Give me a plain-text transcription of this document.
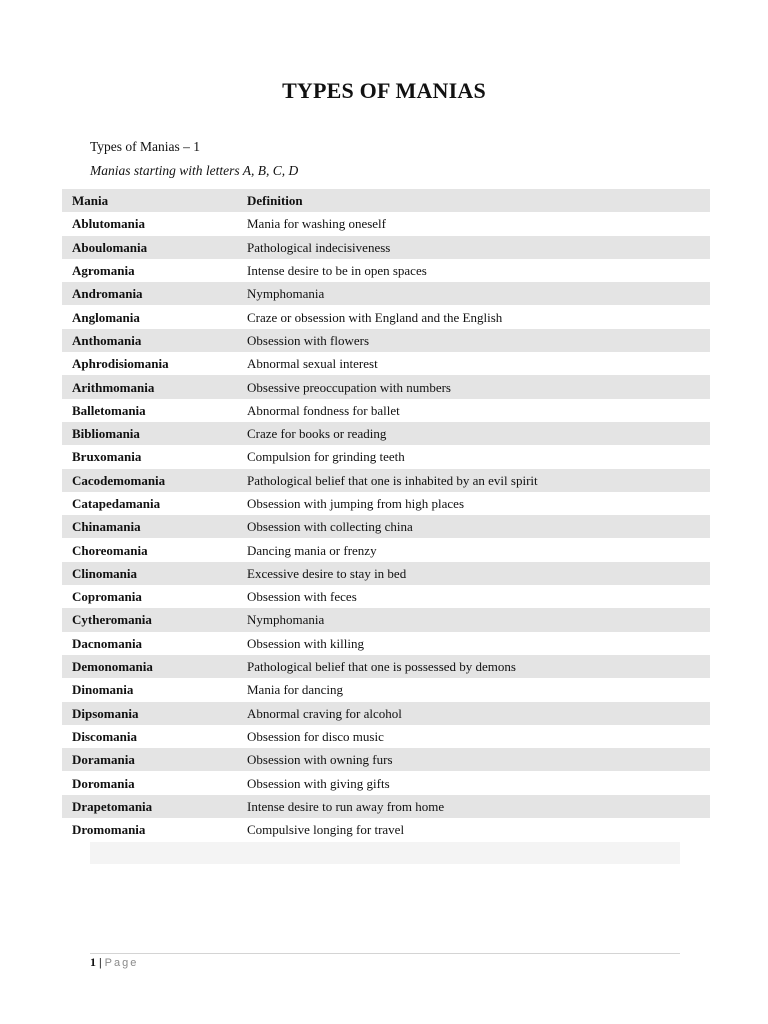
TYPES OF MANIAS
Types of Manias – 1
Manias starting with letters A, B, C, D
Mania	Definition
Ablutomania	Mania for washing oneself
Aboulomania	Pathological indecisiveness
Agromania	Intense desire to be in open spaces
Andromania	Nymphomania
Anglomania	Craze or obsession with England and the English
Anthomania	Obsession with flowers
Aphrodisiomania	Abnormal sexual interest
Arithmomania	Obsessive preoccupation with numbers
Balletomania	Abnormal fondness for ballet
Bibliomania	Craze for books or reading
Bruxomania	Compulsion for grinding teeth
Cacodemomania	Pathological belief that one is inhabited by an evil spirit
Catapedamania	Obsession with jumping from high places
Chinamania	Obsession with collecting china
Choreomania	Dancing mania or frenzy
Clinomania	Excessive desire to stay in bed
Copromania	Obsession with feces
Cytheromania	Nymphomania
Dacnomania	Obsession with killing
Demonomania	Pathological belief that one is possessed by demons
Dinomania	Mania for dancing
Dipsomania	Abnormal craving for alcohol
Discomania	Obsession for disco music
Doramania	Obsession with owning furs
Doromania	Obsession with giving gifts
Drapetomania	Intense desire to run away from home
Dromomania	Compulsive longing for travel
1 | Page
